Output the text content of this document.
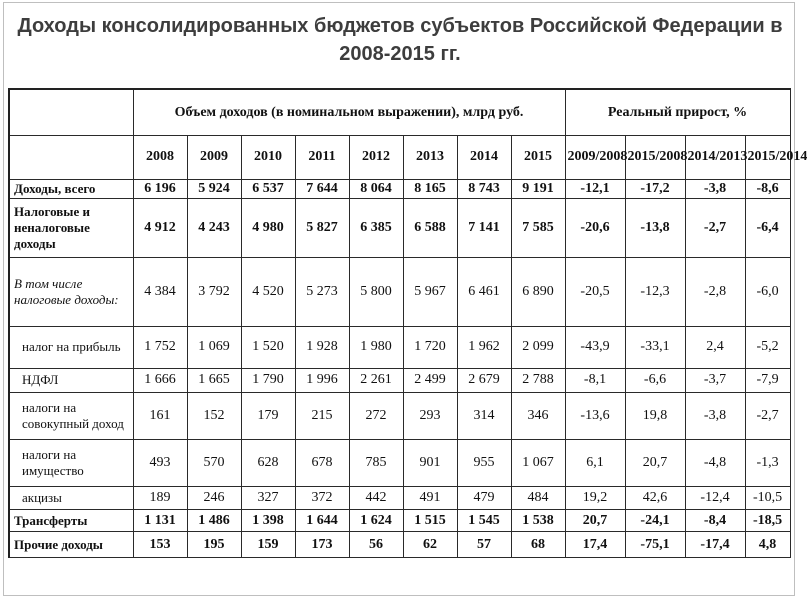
Доходы консолидированных бюджетов субъектов Российской Федерации в 2008-2015 гг.
	Объем доходов (в номинальном выражении), млрд руб.								Реальный прирост, %			
	2008	2009	2010	2011	2012	2013	2014	2015	2009/2008	2015/2008	2014/2013	2015/2014
Доходы, всего	6 196	5 924	6 537	7 644	8 064	8 165	8 743	9 191	-12,1	-17,2	-3,8	-8,6
Налоговые и неналоговые доходы	4 912	4 243	4 980	5 827	6 385	6 588	7 141	7 585	-20,6	-13,8	-2,7	-6,4
В том числе налоговые доходы:	4 384	3 792	4 520	5 273	5 800	5 967	6 461	6 890	-20,5	-12,3	-2,8	-6,0
налог на прибыль	1 752	1 069	1 520	1 928	1 980	1 720	1 962	2 099	-43,9	-33,1	2,4	-5,2
НДФЛ	1 666	1 665	1 790	1 996	2 261	2 499	2 679	2 788	-8,1	-6,6	-3,7	-7,9
налоги на совокупный доход	161	152	179	215	272	293	314	346	-13,6	19,8	-3,8	-2,7
налоги на имущество	493	570	628	678	785	901	955	1 067	6,1	20,7	-4,8	-1,3
акцизы	189	246	327	372	442	491	479	484	19,2	42,6	-12,4	-10,5
Трансферты	1 131	1 486	1 398	1 644	1 624	1 515	1 545	1 538	20,7	-24,1	-8,4	-18,5
Прочие доходы	153	195	159	173	56	62	57	68	17,4	-75,1	-17,4	4,8
